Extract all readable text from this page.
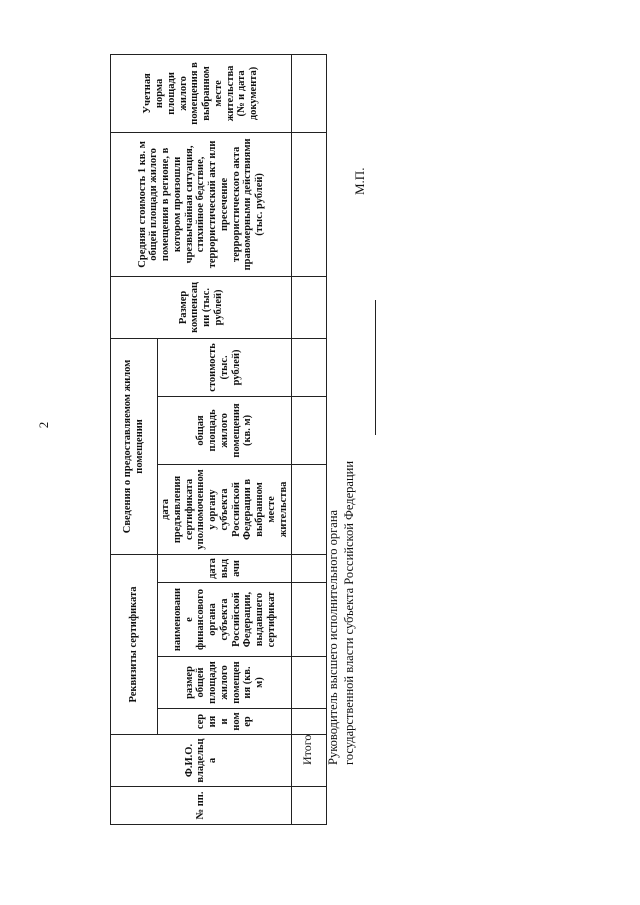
2
№ пп.	Ф.И.О. владельца	Реквизиты сертификата				Сведения о предоставляемом жилом помещении			Размер компенсации (тыс. рублей)	Средняя стоимость 1 кв. м общей площади жилого помещения в регионе, в котором произошли чрезвычайная ситуация, стихийное бедствие, террористический акт или пресечение террористического акта правомерными действиями (тыс. рублей)	Учетная норма площади жилого помещения в выбранном месте жительства (№ и дата документа)
		серия и номер	размер общей площади жилого помещения (кв. м)	наименование финансового органа субъекта Российской Федерации, выдавшего сертификат	дата выдачи	дата предъявления сертификата уполномоченному органу субъекта Российской Федерации в выбранном месте жительства	общая площадь жилого помещения (кв. м)	стоимость (тыс. рублей)			

Итого Руководитель высшего исполнительного органа государственной власти субъекта Российской Федерации
М.П.
